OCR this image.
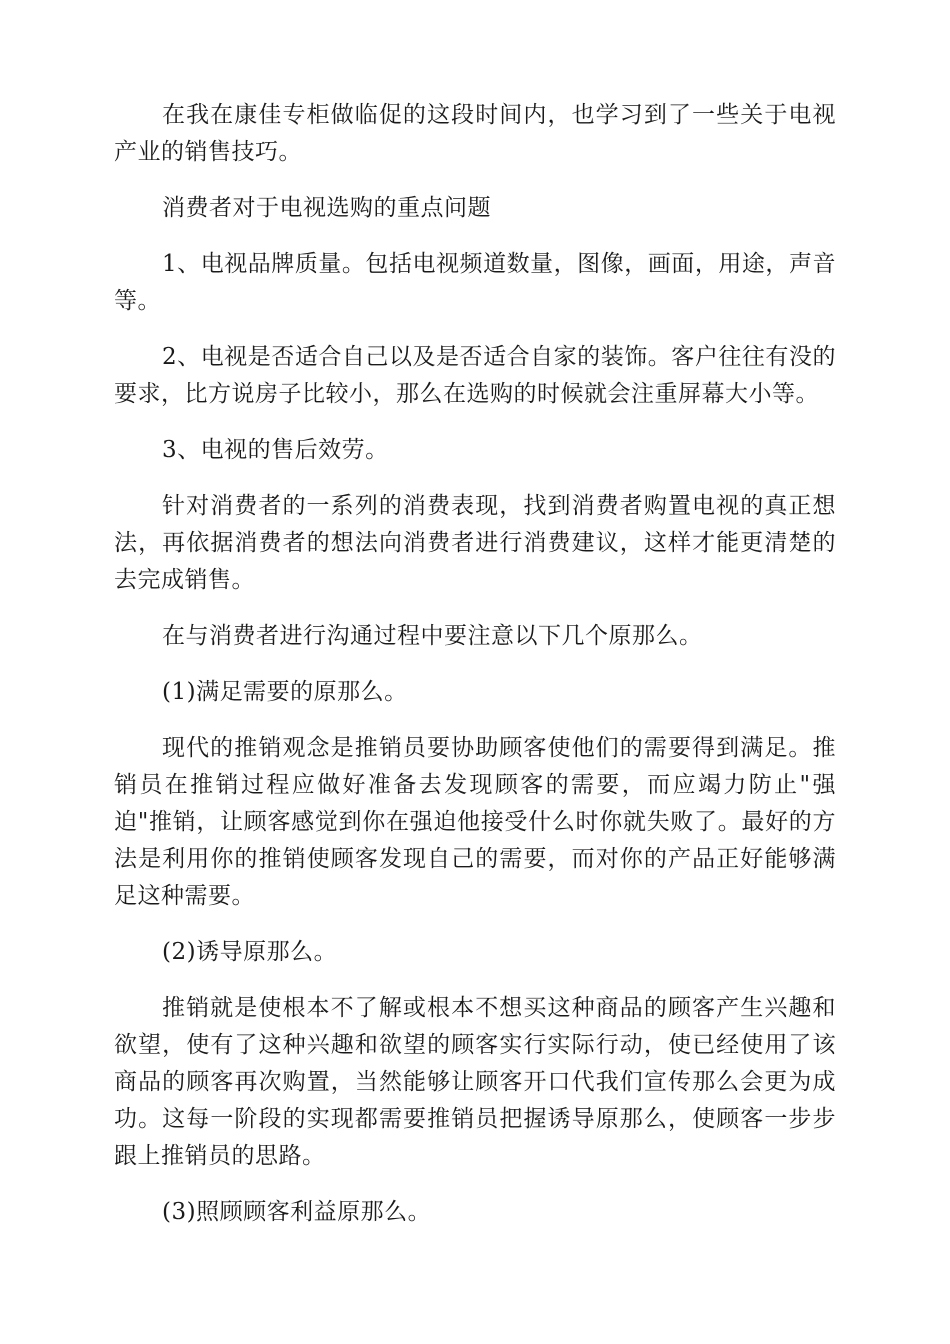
在我在康佳专柜做临促的这段时间内，也学习到了一些关于电视产业的销售技巧。

消费者对于电视选购的重点问题

1、电视品牌质量。包括电视频道数量，图像，画面，用途，声音等。

2、电视是否适合自己以及是否适合自家的装饰。客户往往有没的要求，比方说房子比较小，那么在选购的时候就会注重屏幕大小等。

3、电视的售后效劳。

针对消费者的一系列的消费表现，找到消费者购置电视的真正想法，再依据消费者的想法向消费者进行消费建议，这样才能更清楚的去完成销售。

在与消费者进行沟通过程中要注意以下几个原那么。

(1)满足需要的原那么。

现代的推销观念是推销员要协助顾客使他们的需要得到满足。推销员在推销过程应做好准备去发现顾客的需要，而应竭力防止"强迫"推销，让顾客感觉到你在强迫他接受什么时你就失败了。最好的方法是利用你的推销使顾客发现自己的需要，而对你的产品正好能够满足这种需要。

(2)诱导原那么。

推销就是使根本不了解或根本不想买这种商品的顾客产生兴趣和欲望，使有了这种兴趣和欲望的顾客实行实际行动，使已经使用了该商品的顾客再次购置，当然能够让顾客开口代我们宣传那么会更为成功。这每一阶段的实现都需要推销员把握诱导原那么，使顾客一步步跟上推销员的思路。

(3)照顾顾客利益原那么。
